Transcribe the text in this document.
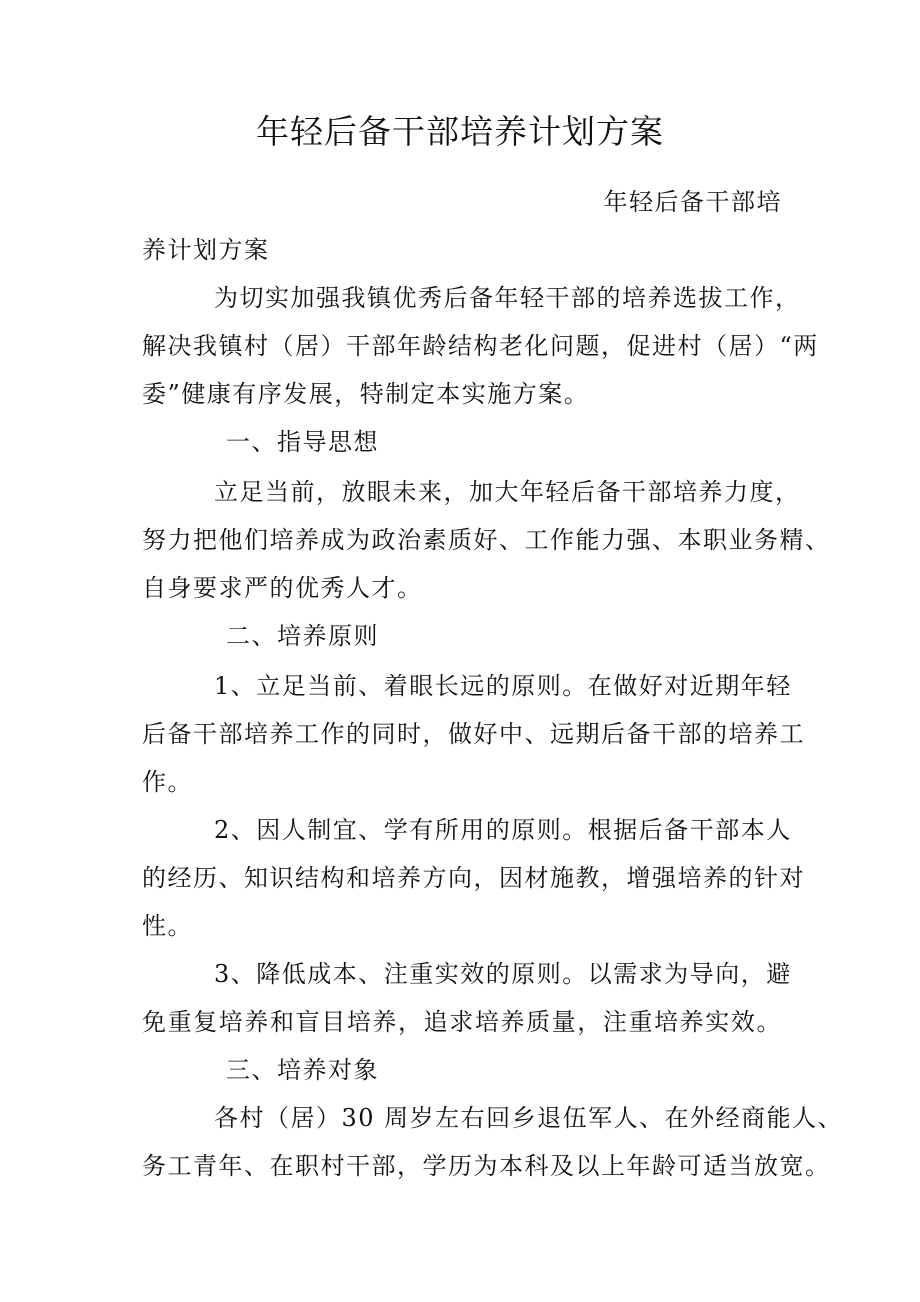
年轻后备干部培养计划方案
年轻后备干部培
养计划方案
为切实加强我镇优秀后备年轻干部的培养选拔工作，
解决我镇村（居）干部年龄结构老化问题，促进村（居）“两
委”健康有序发展，特制定本实施方案。
一、指导思想
立足当前，放眼未来，加大年轻后备干部培养力度，
努力把他们培养成为政治素质好、工作能力强、本职业务精、
自身要求严的优秀人才。
二、培养原则
1、立足当前、着眼长远的原则。在做好对近期年轻
后备干部培养工作的同时，做好中、远期后备干部的培养工
作。
2、因人制宜、学有所用的原则。根据后备干部本人
的经历、知识结构和培养方向，因材施教，增强培养的针对
性。
3、降低成本、注重实效的原则。以需求为导向，避
免重复培养和盲目培养，追求培养质量，注重培养实效。
三、培养对象
各村（居）30 周岁左右回乡退伍军人、在外经商能人、
务工青年、在职村干部，学历为本科及以上年龄可适当放宽。
